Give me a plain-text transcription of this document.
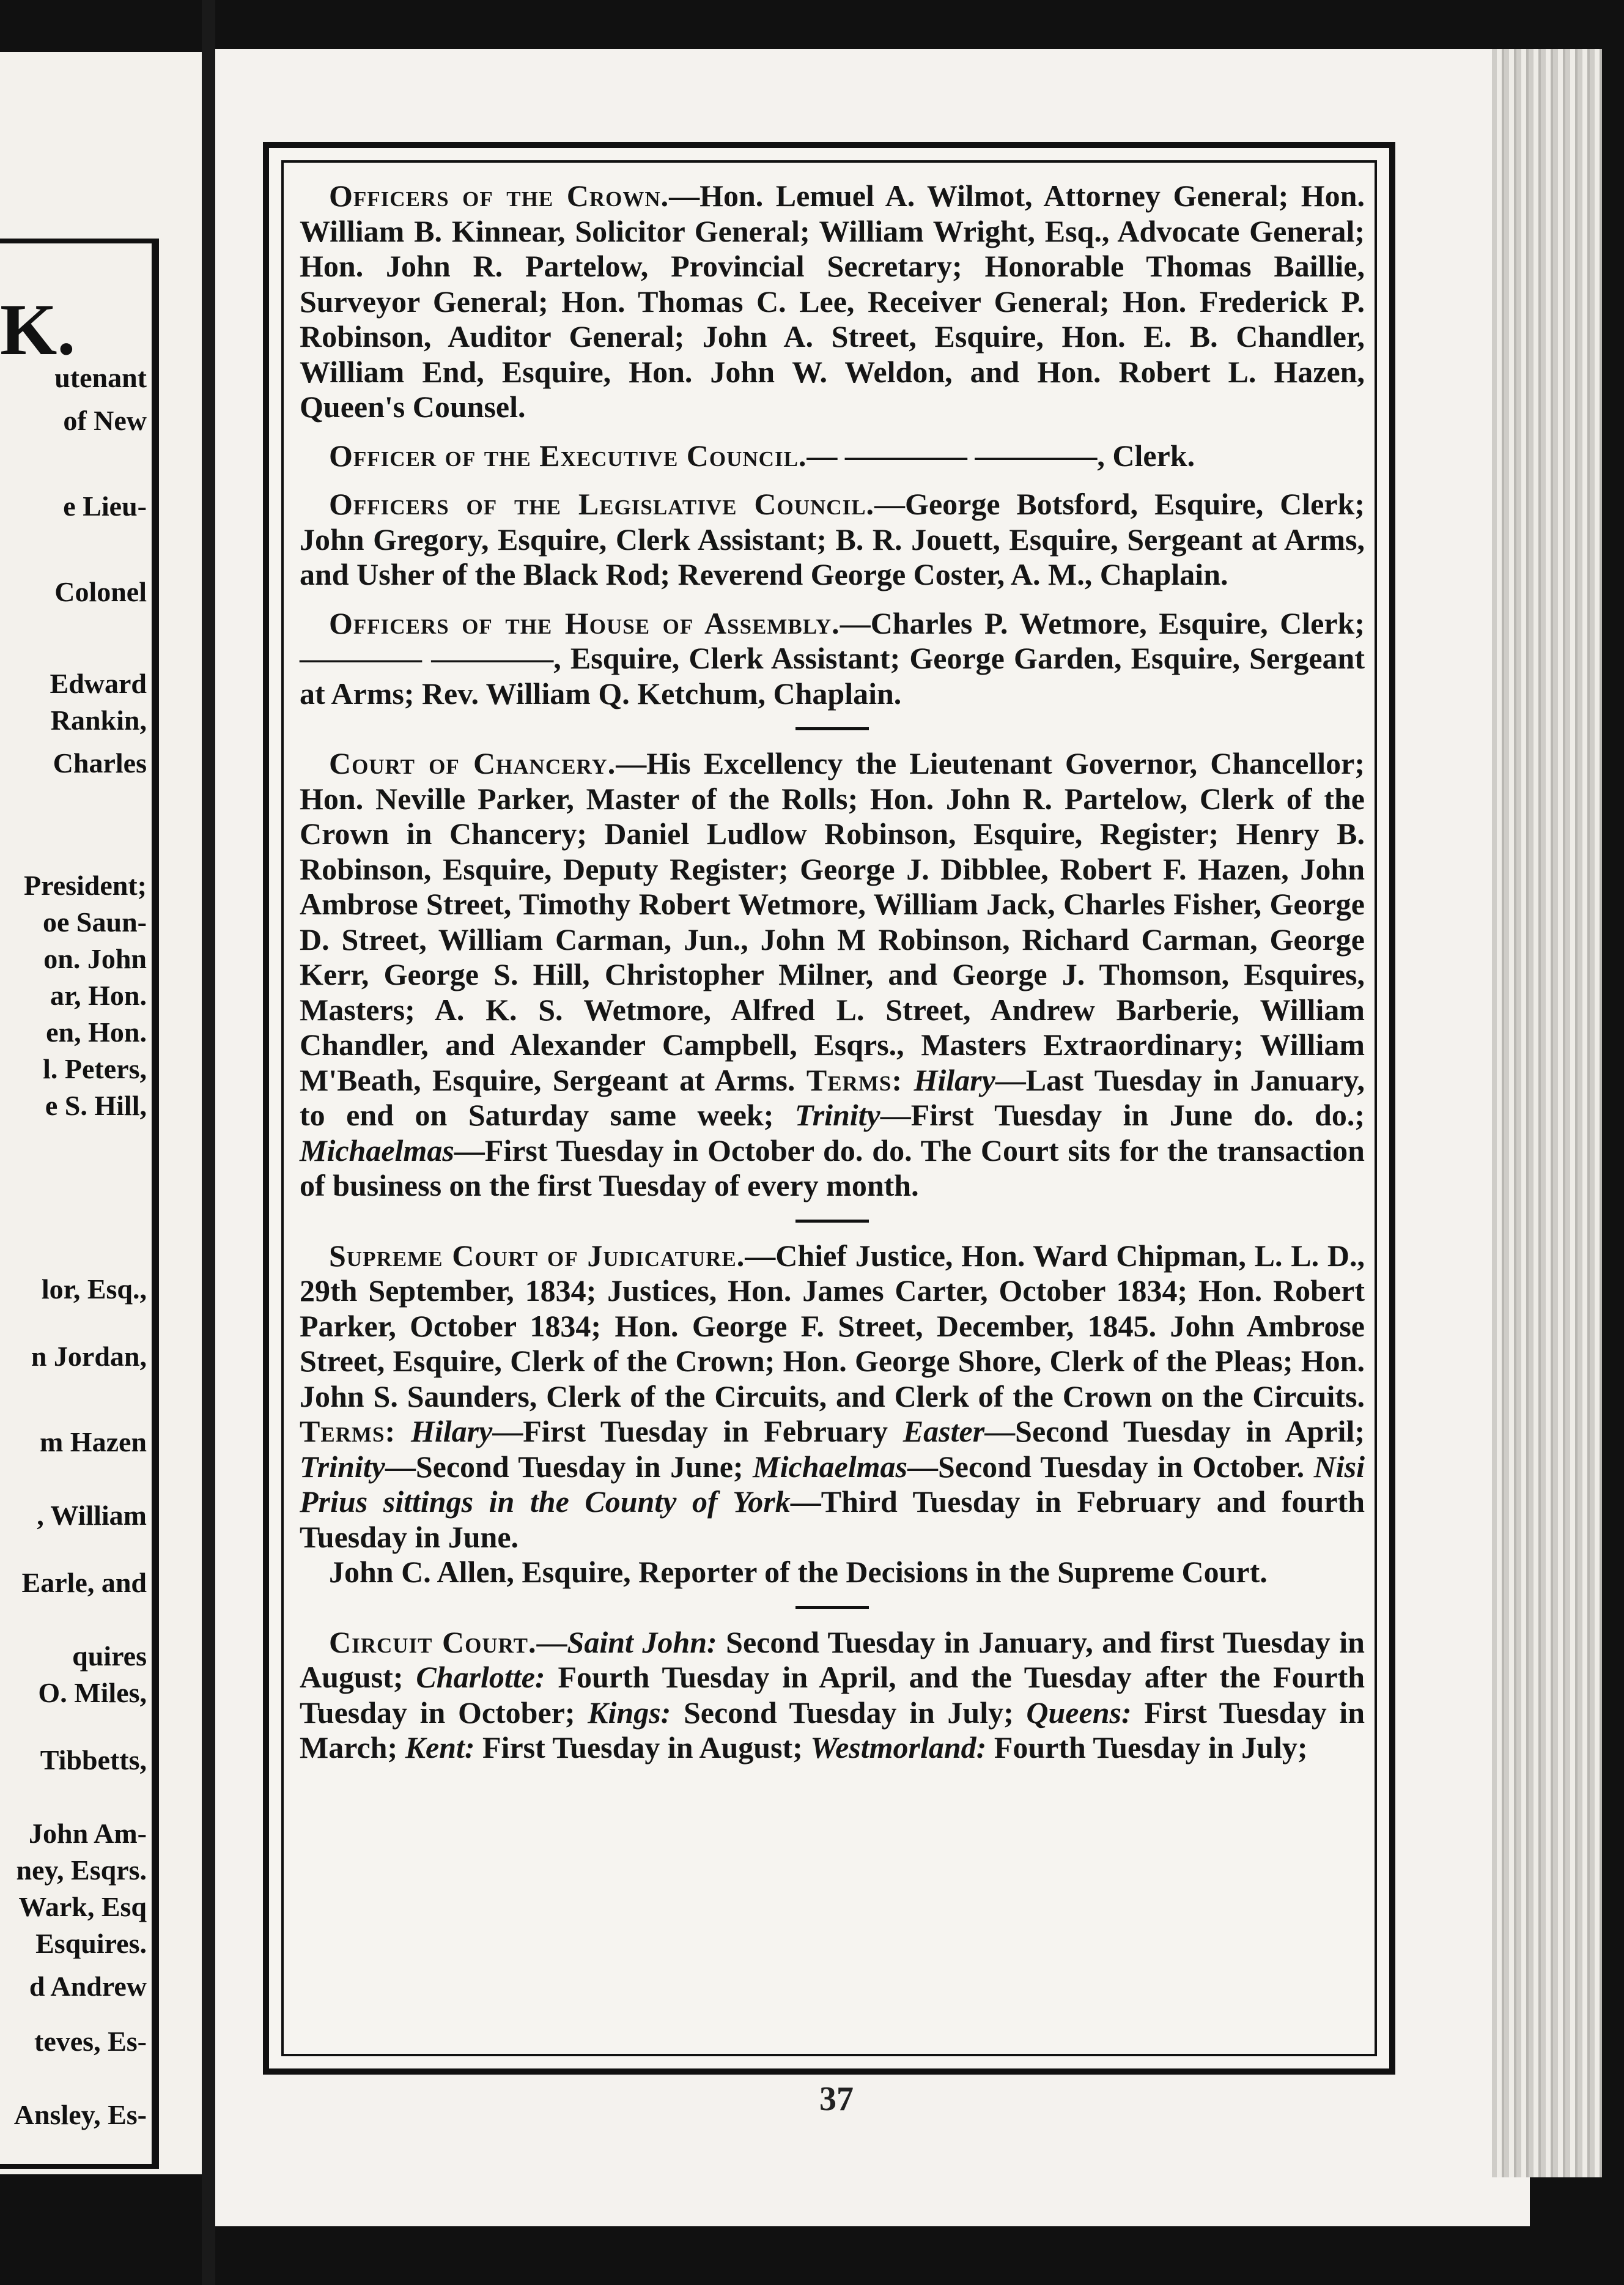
K.
utenant
of New
e Lieu-
Colonel
Edward
Rankin,
Charles
President;
oe Saun-
on. John
ar, Hon.
en, Hon.
l. Peters,
e S. Hill,
lor, Esq.,
n Jordan,
m Hazen
, William
Earle, and
quires
O. Miles,
Tibbetts,
John Am-
ney, Esqrs.
Wark, Esq
Esquires.
d Andrew
teves, Es-
Ansley, Es-

Officers of the Crown.—Hon. Lemuel A. Wilmot, Attorney General; Hon. William B. Kinnear, Solicitor General; William Wright, Esq., Advocate General; Hon. John R. Partelow, Provincial Secretary; Honorable Thomas Baillie, Surveyor General; Hon. Thomas C. Lee, Receiver General; Hon. Frederick P. Robinson, Auditor General; John A. Street, Esquire, Hon. E. B. Chandler, William End, Esquire, Hon. John W. Weldon, and Hon. Robert L. Hazen, Queen's Counsel.

Officer of the Executive Council.— ———— ————, Clerk.

Officers of the Legislative Council.—George Botsford, Esquire, Clerk; John Gregory, Esquire, Clerk Assistant; B. R. Jouett, Esquire, Sergeant at Arms, and Usher of the Black Rod; Reverend George Coster, A. M., Chaplain.

Officers of the House of Assembly.—Charles P. Wetmore, Esquire, Clerk; ———— ————, Esquire, Clerk Assistant; George Garden, Esquire, Sergeant at Arms; Rev. William Q. Ketchum, Chaplain.

Court of Chancery.—His Excellency the Lieutenant Governor, Chancellor; Hon. Neville Parker, Master of the Rolls; Hon. John R. Partelow, Clerk of the Crown in Chancery; Daniel Ludlow Robinson, Esquire, Register; Henry B. Robinson, Esquire, Deputy Register; George J. Dibblee, Robert F. Hazen, John Ambrose Street, Timothy Robert Wetmore, William Jack, Charles Fisher, George D. Street, William Carman, Jun., John M Robinson, Richard Carman, George Kerr, George S. Hill, Christopher Milner, and George J. Thomson, Esquires, Masters; A. K. S. Wetmore, Alfred L. Street, Andrew Barberie, William Chandler, and Alexander Campbell, Esqrs., Masters Extraordinary; William M'Beath, Esquire, Sergeant at Arms. Terms: Hilary—Last Tuesday in January, to end on Saturday same week; Trinity—First Tuesday in June do. do.; Michaelmas—First Tuesday in October do. do. The Court sits for the transaction of business on the first Tuesday of every month.

Supreme Court of Judicature.—Chief Justice, Hon. Ward Chipman, L. L. D., 29th September, 1834; Justices, Hon. James Carter, October 1834; Hon. Robert Parker, October 1834; Hon. George F. Street, December, 1845. John Ambrose Street, Esquire, Clerk of the Crown; Hon. George Shore, Clerk of the Pleas; Hon. John S. Saunders, Clerk of the Circuits, and Clerk of the Crown on the Circuits. Terms: Hilary—First Tuesday in February Easter—Second Tuesday in April; Trinity—Second Tuesday in June; Michaelmas—Second Tuesday in October. Nisi Prius sittings in the County of York—Third Tuesday in February and fourth Tuesday in June.

John C. Allen, Esquire, Reporter of the Decisions in the Supreme Court.

Circuit Court.—Saint John: Second Tuesday in January, and first Tuesday in August; Charlotte: Fourth Tuesday in April, and the Tuesday after the Fourth Tuesday in October; Kings: Second Tuesday in July; Queens: First Tuesday in March; Kent: First Tuesday in August; Westmorland: Fourth Tuesday in July;

37
